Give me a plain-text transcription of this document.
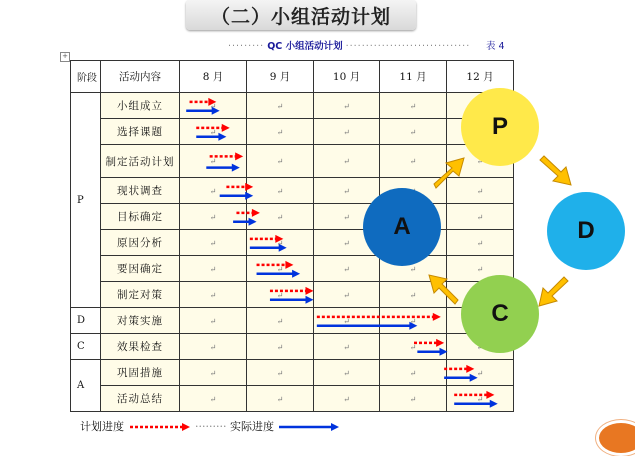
（二）小组活动计划
········· QC 小组活动计划 ······························· 表 4
+
阶段	活动内容	8 月	9 月	10 月	11 月	12 月
P	小组成立	↵	↵	↵	↵	↵
	选择课题	↵	↵	↵	↵	↵
	制定活动计划	↵	↵	↵	↵	↵
	现状调查	↵	↵	↵	↵	↵
	目标确定	↵	↵	↵	↵	↵
	原因分析	↵	↵	↵	↵	↵
	要因确定	↵	↵	↵	↵	↵
	制定对策	↵	↵	↵	↵	↵
D	对策实施	↵	↵	↵	↵	↵
C	效果检查	↵	↵	↵	↵	↵
A	巩固措施	↵	↵	↵	↵	↵
	活动总结	↵	↵	↵	↵	↵
P
D
C
A
计划进度	········· 实际进度
